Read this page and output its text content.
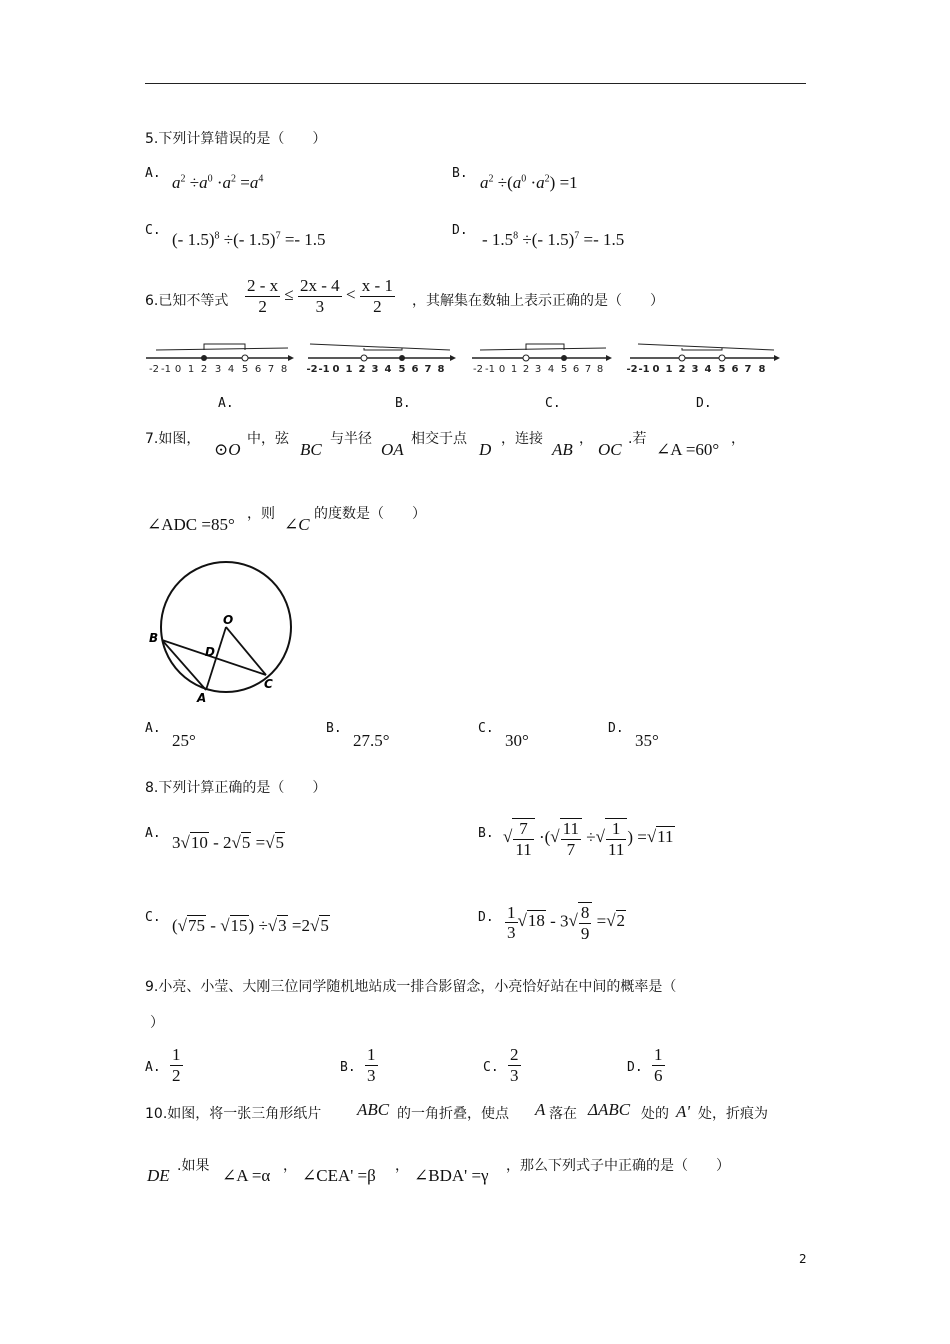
5.下列计算错误的是（　　）
A. $a^2 \div a^0 \cdot a^2 =a^4$	B. $a^2 \div(a^0 \cdot a^2) =1$
C. (- 1.5)$^8$ ÷(- 1.5)$^7$ =- 1.5	D. - $1.5^8$ ÷(- 1.5)$^7$ =- 1.5
6.已知不等式 $\frac{2 - x}{2} \le \frac{2x - 4}{3} < \frac{x - 1}{2}$ ，其解集在数轴上表示正确的是（　　）
-2 -1 0 1 2 3 4 5 6 7 8 -2 -1 0 1 2 3 4 5 6 7 8	-2 -1 0 1 2 3 4 5 6 7 8 -2 -1 0 1 2 3 4 5 6 7 8
A.	B.	C.	D.
7.如图，
⊙O
中，弦
BC
与半径
OA
相交于点
D
，连接
AB
，
OC
.若
∠A =60°
，
∠ADC =85°
，则
∠C
的度数是（　　）
B
O
D
A
C
A.
25°
B.
27.5°
C.
30°
D.
35°
8.下列计算正确的是（　　）
A. 3√ 10 - 2√ 5 =√ 5	B.
√ $\frac{7}{11}$ ·(√ $\frac{11}{7}$ ÷√ $\frac{1}{11}$ ) =√ 11
C. (√ 75 - √ 15) ÷√ 3 =2√ 5	D. $\frac{1}{3}$
√ $18 - 3√ \frac{8}{9}$ =√ 2
9.小亮、小莹、大刚三位同学随机地站成一排合影留念，小亮恰好站在中间的概率是（
）
A. $\frac{1}{2}$	B. $\frac{1}{3}$	C. $\frac{2}{3}$	D. $\frac{1}{6}$
10.如图，将一张三角形纸片 ABC 的一角折叠，使点 A 落在 ΔABC 处的 A' 处，折痕为
DE .如果 ∠A =α ， ∠CEA' =β ， ∠BDA' =γ ，那么下列式子中正确的是（　　）
2
